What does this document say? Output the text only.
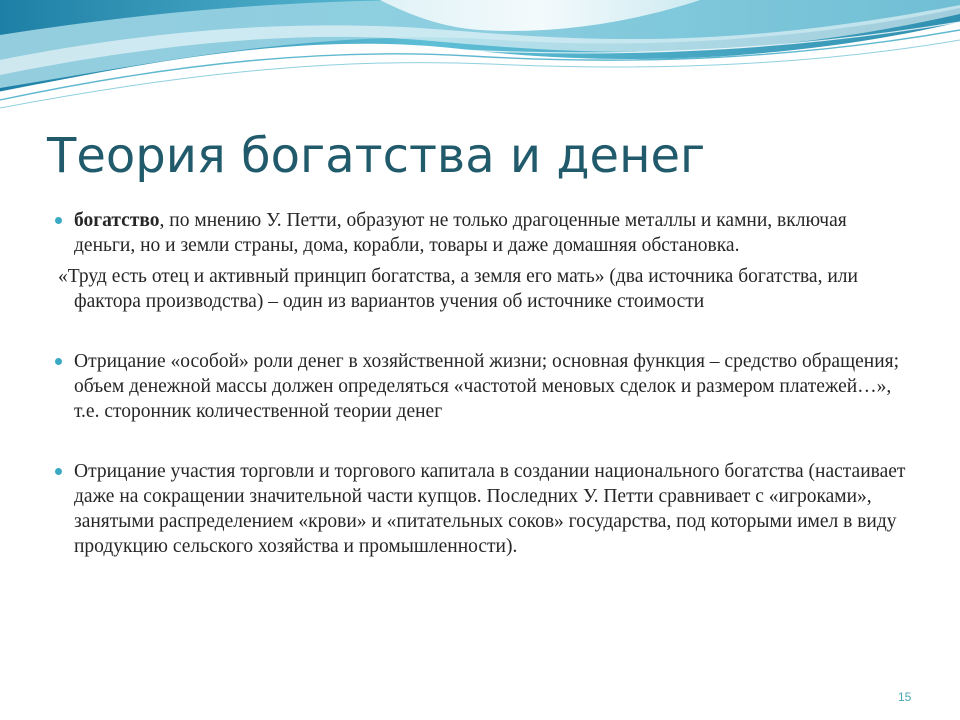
Теория богатства и денег

богатство, по мнению У. Петти, образуют не только драгоценные металлы и камни, включая деньги, но и земли страны, дома, корабли, товары и даже домашняя обстановка.

«Труд есть отец и активный принцип богатства, а земля его мать» (два источника богатства, или фактора производства) – один из вариантов учения об источнике стоимости

Отрицание «особой» роли денег в хозяйственной жизни; основная функция – средство обращения; объем денежной массы должен определяться «частотой меновых сделок и размером платежей…», т.е. сторонник количественной теории денег

Отрицание участия торговли и торгового капитала в создании национального богатства (настаивает даже на сокращении значительной части купцов. Последних У. Петти сравнивает с «игроками», занятыми распределением «крови» и «питательных соков» государства, под которыми имел в виду продукцию сельского хозяйства и промышленности).

15
